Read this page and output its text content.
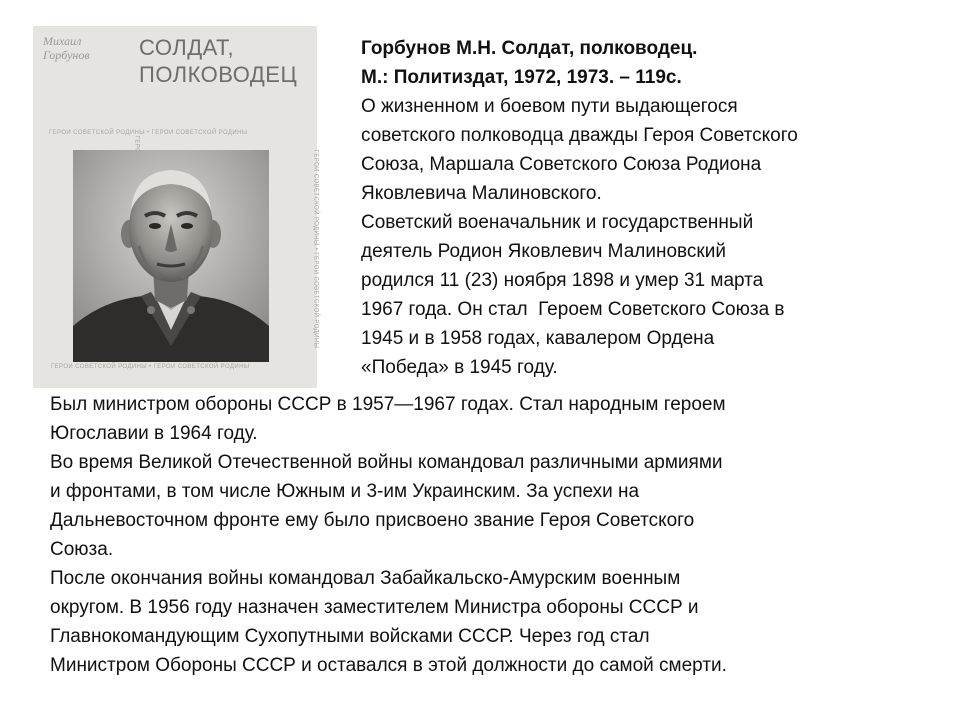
Михаил
Горбунов	СОЛДАТ,
ПОЛКОВОДЕЦ
ГЕРОИ СОВЕТСКОЙ РОДИНЫ • ГЕРОИ СОВЕТСКОЙ РОДИНЫ
ГЕРОИ СОВЕТСКОЙ РОДИНЫ • ГЕРОИ СОВЕТСКОЙ РОДИНЫ
ГЕРОИ СОВЕТСКОЙ РОДИНЫ • ГЕРОИ СОВЕТСКОЙ РОДИНЫ
Горбунов М.Н. Солдат, полководец.
М.: Политиздат, 1972, 1973. – 119с.
О жизненном и боевом пути выдающегося
советского полководца дважды Героя Советского
Союза, Маршала Советского Союза Родиона
Яковлевича Малиновского.
Советский военачальник и государственный
деятель Родион Яковлевич Малиновский
родился 11 (23) ноября 1898 и умер 31 марта
1967 года. Он стал  Героем Советского Союза в
1945 и в 1958 годах, кавалером Ордена
«Победа» в 1945 году.
Был министром обороны СССР в 1957—1967 годах. Стал народным героем
Югославии в 1964 году.
Во время Великой Отечественной войны командовал различными армиями
и фронтами, в том числе Южным и 3-им Украинским. За успехи на
Дальневосточном фронте ему было присвоено звание Героя Советского
Союза.
После окончания войны командовал Забайкальско-Амурским военным
округом. В 1956 году назначен заместителем Министра обороны СССР и
Главнокомандующим Сухопутными войсками СССР. Через год стал
Министром Обороны СССР и оставался в этой должности до самой смерти.
